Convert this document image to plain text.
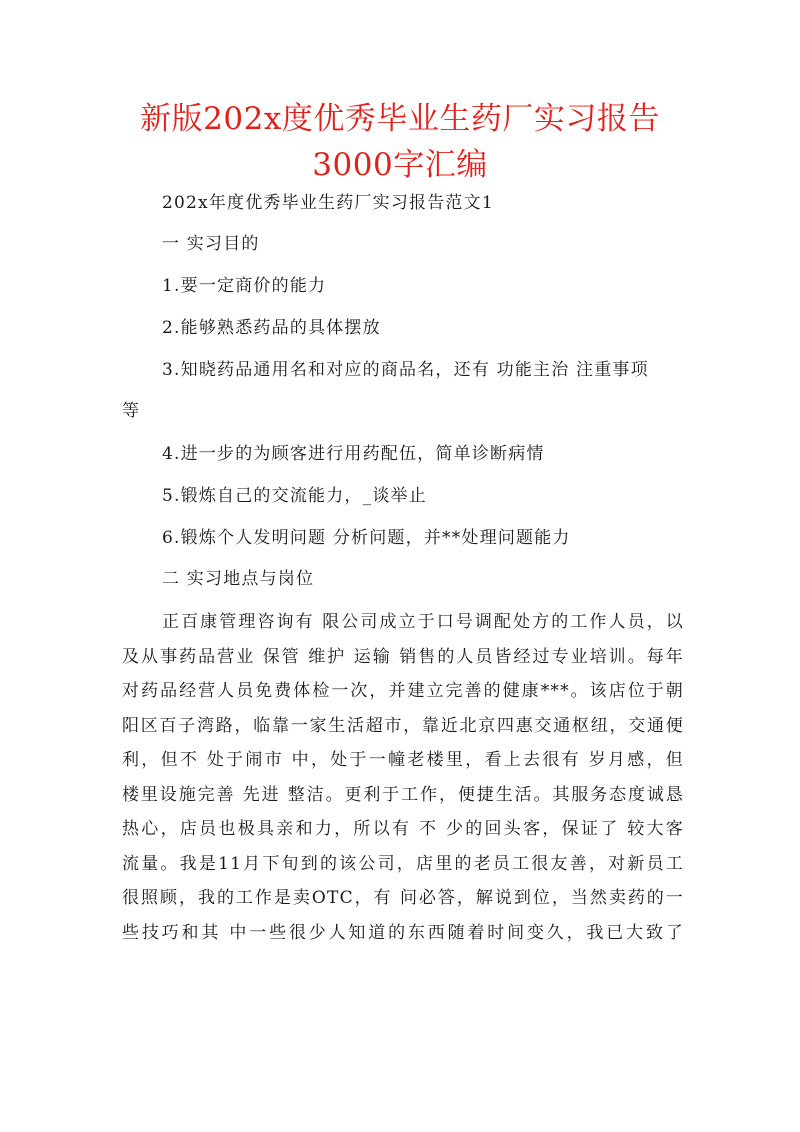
新版202x度优秀毕业生药厂实习报告3000字汇编

202x年度优秀毕业生药厂实习报告范文1

一 实习目的

1.要一定商价的能力

2.能够熟悉药品的具体摆放

3.知晓药品通用名和对应的商品名，还有 功能主治 注重事项

等

4.进一步的为顾客进行用药配伍，简单诊断病情

5.锻炼自己的交流能力，_谈举止

6.锻炼个人发明问题 分析问题，并**处理问题能力

二 实习地点与岗位

正百康管理咨询有 限公司成立于口号调配处方的工作人员，以
及从事药品营业 保管 维护 运输 销售的人员皆经过专业培训。每年
对药品经营人员免费体检一次，并建立完善的健康***。该店位于朝
阳区百子湾路，临靠一家生活超市，靠近北京四惠交通枢纽，交通便
利，但不 处于闹市 中，处于一幢老楼里，看上去很有 岁月感，但
楼里设施完善 先进 整洁。更利于工作，便捷生活。其服务态度诚恳
热心，店员也极具亲和力，所以有 不 少的回头客，保证了 较大客
流量。我是11月下旬到的该公司，店里的老员工很友善，对新员工
很照顾，我的工作是卖OTC，有 问必答，解说到位，当然卖药的一
些技巧和其 中一些很少人知道的东西随着时间变久，我已大致了
